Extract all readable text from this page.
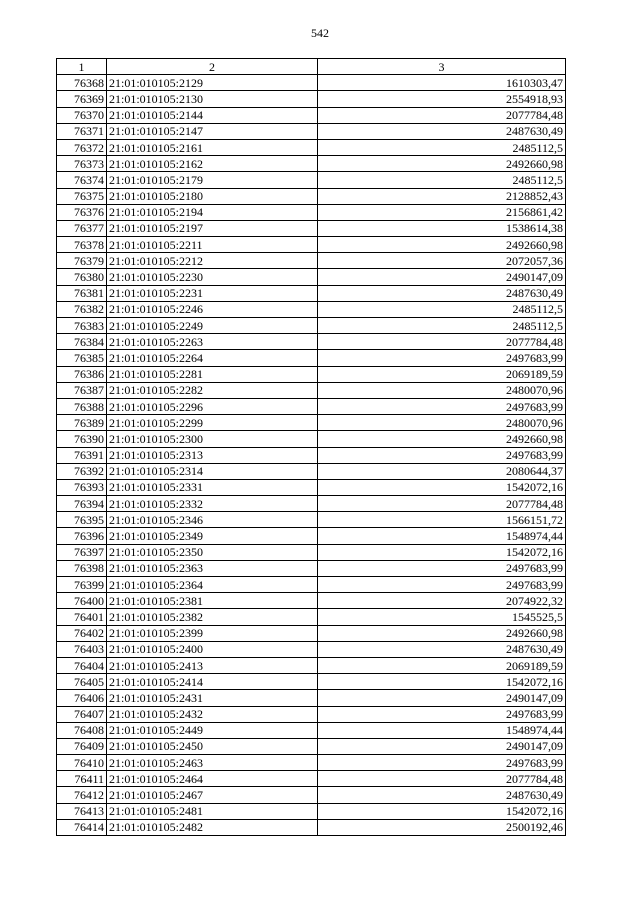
542
1	2	3
76368	21:01:010105:2129	1610303,47
76369	21:01:010105:2130	2554918,93
76370	21:01:010105:2144	2077784,48
76371	21:01:010105:2147	2487630,49
76372	21:01:010105:2161	2485112,5
76373	21:01:010105:2162	2492660,98
76374	21:01:010105:2179	2485112,5
76375	21:01:010105:2180	2128852,43
76376	21:01:010105:2194	2156861,42
76377	21:01:010105:2197	1538614,38
76378	21:01:010105:2211	2492660,98
76379	21:01:010105:2212	2072057,36
76380	21:01:010105:2230	2490147,09
76381	21:01:010105:2231	2487630,49
76382	21:01:010105:2246	2485112,5
76383	21:01:010105:2249	2485112,5
76384	21:01:010105:2263	2077784,48
76385	21:01:010105:2264	2497683,99
76386	21:01:010105:2281	2069189,59
76387	21:01:010105:2282	2480070,96
76388	21:01:010105:2296	2497683,99
76389	21:01:010105:2299	2480070,96
76390	21:01:010105:2300	2492660,98
76391	21:01:010105:2313	2497683,99
76392	21:01:010105:2314	2080644,37
76393	21:01:010105:2331	1542072,16
76394	21:01:010105:2332	2077784,48
76395	21:01:010105:2346	1566151,72
76396	21:01:010105:2349	1548974,44
76397	21:01:010105:2350	1542072,16
76398	21:01:010105:2363	2497683,99
76399	21:01:010105:2364	2497683,99
76400	21:01:010105:2381	2074922,32
76401	21:01:010105:2382	1545525,5
76402	21:01:010105:2399	2492660,98
76403	21:01:010105:2400	2487630,49
76404	21:01:010105:2413	2069189,59
76405	21:01:010105:2414	1542072,16
76406	21:01:010105:2431	2490147,09
76407	21:01:010105:2432	2497683,99
76408	21:01:010105:2449	1548974,44
76409	21:01:010105:2450	2490147,09
76410	21:01:010105:2463	2497683,99
76411	21:01:010105:2464	2077784,48
76412	21:01:010105:2467	2487630,49
76413	21:01:010105:2481	1542072,16
76414	21:01:010105:2482	2500192,46
